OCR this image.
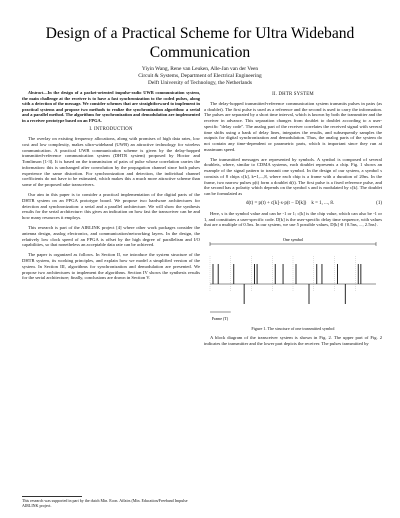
Design of a Practical Scheme for Ultra Wideband Communication
Yiyin Wang, Rene van Leuken, Alle-Jan van der Veen
Circuit & Systems, Department of Electrical Engineering
Delft University of Technology, the Netherlands

Abstract—In the design of a packet-oriented impulse-radio UWB communication system, the main challenge at the receiver is to have a fast synchronization to the coded pulses, along with a detection of the message. We consider schemes that are straightforward to implement in practical systems and propose two methods to realize the synchronization algorithm: a serial and a parallel method. The algorithms for synchronization and demodulation are implemented in a receiver prototype based on an FPGA.

I. INTRODUCTION

The overlay on existing frequency allocations, along with promises of high data rates, low cost and low complexity, makes ultra-wideband (UWB) an attractive technology for wireless communication. A practical UWB communication scheme is given by the delay-hopped transmitted-reference communication system (DHTR system) proposed by Hoctor and Tomlinson [1-3]. It is based on the transmission of pairs of pulse whose correlation carries the information: this is unchanged after convolution by the propagation channel since both pulses experience the same distortion. For synchronization and detection, the individual channel coefficients do not have to be estimated, which makes this a much more attractive scheme than some of the proposed rake transceivers.

Our aim in this paper is to consider a practical implementation of the digital parts of the DHTR system on an FPGA prototype board. We propose two hardware architectures for detection and synchronization: a serial and a parallel architecture. We will show the synthesis results for the serial architecture: this gives an indication on how fast the transceiver can be and how many resources it employs.

This research is part of the AIRLINK project [4] where other work packages consider the antenna design, analog electronics, and communication/networking layers. In the design, the relatively low clock speed of an FPGA is offset by the high degree of parallelism and I/O capabilities, so that nonetheless an acceptable data rate can be achieved.

The paper is organized as follows. In Section II, we introduce the system structure of the DHTR system, its working principles, and explain how we model a simplified version of the system. In Section III, algorithms for synchronization and demodulation are presented. We propose two architectures to implement the algorithms. Section IV shows the synthesis results for the serial architecture; finally, conclusions are drawn in Section V.

This research was supported in part by the dutch Min. Econ. Affairs (Min. Education/Freeband Impulse AIRLINK project.
II. DHTR SYSTEM

The delay-hopped transmitted-reference communication system transmits pulses in pairs (as a doublet). The first pulse is used as a reference and the second is used to carry the information. The pulses are separated by a short time interval, which is known by both the transmitter and the receiver in advance. This separation changes from doublet to doublet according to a user-specific "delay code". The analog part of the receiver correlates the received signal with several time shifts using a bank of delay lines, integrates the results, and subsequently samples the outputs for digital synchronization and demodulation. Thus, the analog parts of the system do not contain any time-dependent or parametric parts, which is important since they run at maximum speed.

The transmitted messages are represented by symbols. A symbol is composed of several doublets, where, similar to CDMA systems, each doublet represents a chip. Fig. 1 shows an example of the signal pattern to transmit one symbol. In the design of our system, a symbol s consists of 8 chips c[k], k=1,...,8, where each chip is a frame with a duration of 20ns. In the frame, two narrow pulses p(t) form a doublet d(t). The first pulse is a fixed reference pulse, and the second has a polarity which depends on the symbol s and is modulated by c[k]. The doublet can be formulated as

d(t) = p(t) + c[k]·s·p(t − D[k]) k = 1, ..., 8.	(1)

Here, s is the symbol value and can be -1 or 1; c[k] is the chip value, which can also be -1 or 1, and constitutes a user-specific code. D[k] is the user-specific delay time sequence, with values that are a multiple of 0.5ns. In our system, we use 5 possible values, D[k] ∈ {0.5ns, ..., 2.5ns}.

One symbol
Frame (T)
Figure 1. The structure of one transmitted symbol

A block diagram of the transceiver system is shown in Fig. 2. The upper part of Fig. 2 indicates the transmitter and the lower part depicts the receiver. The pulses transmitted by
